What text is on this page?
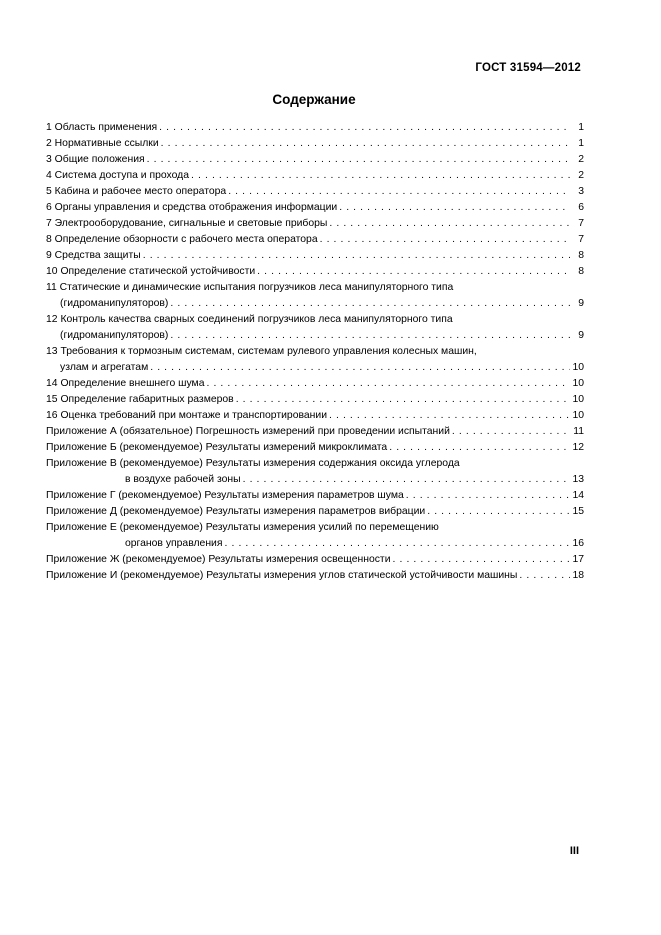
ГОСТ 31594—2012
Содержание
1 Область применения . . .	1
2 Нормативные ссылки . . .	1
3 Общие положения . . .	2
4 Система доступа и прохода . . .	2
5 Кабина и рабочее место оператора . . .	3
6 Органы управления и средства отображения информации . . .	6
7 Электрооборудование, сигнальные и световые приборы . . .	7
8 Определение обзорности с рабочего места оператора . . .	7
9 Средства защиты . . .	8
10 Определение статической устойчивости . . .	8
11 Статические и динамические испытания погрузчиков леса манипуляторного типа
(гидроманипуляторов) . . .	9
12 Контроль качества сварных соединений погрузчиков леса манипуляторного типа
(гидроманипуляторов) . . .	9
13 Требования к тормозным системам, системам рулевого управления колесных машин,
узлам и агрегатам . . .	10
14 Определение внешнего шума . . .	10
15 Определение габаритных размеров . . .	10
16 Оценка требований при монтаже и транспортировании . . .	10
Приложение А (обязательное) Погрешность измерений при проведении испытаний . . .	11
Приложение Б (рекомендуемое) Результаты измерений микроклимата . . .	12
Приложение В (рекомендуемое) Результаты измерения содержания оксида углерода
в воздухе рабочей зоны . . .	13
Приложение Г (рекомендуемое) Результаты измерения параметров шума . . .	14
Приложение Д (рекомендуемое) Результаты измерения параметров вибрации . . .	15
Приложение Е (рекомендуемое) Результаты измерения усилий по перемещению
органов управления . . .	16
Приложение Ж (рекомендуемое) Результаты измерения освещенности . . .	17
Приложение И (рекомендуемое) Результаты измерения углов статической устойчивости машины . . .	18
III
